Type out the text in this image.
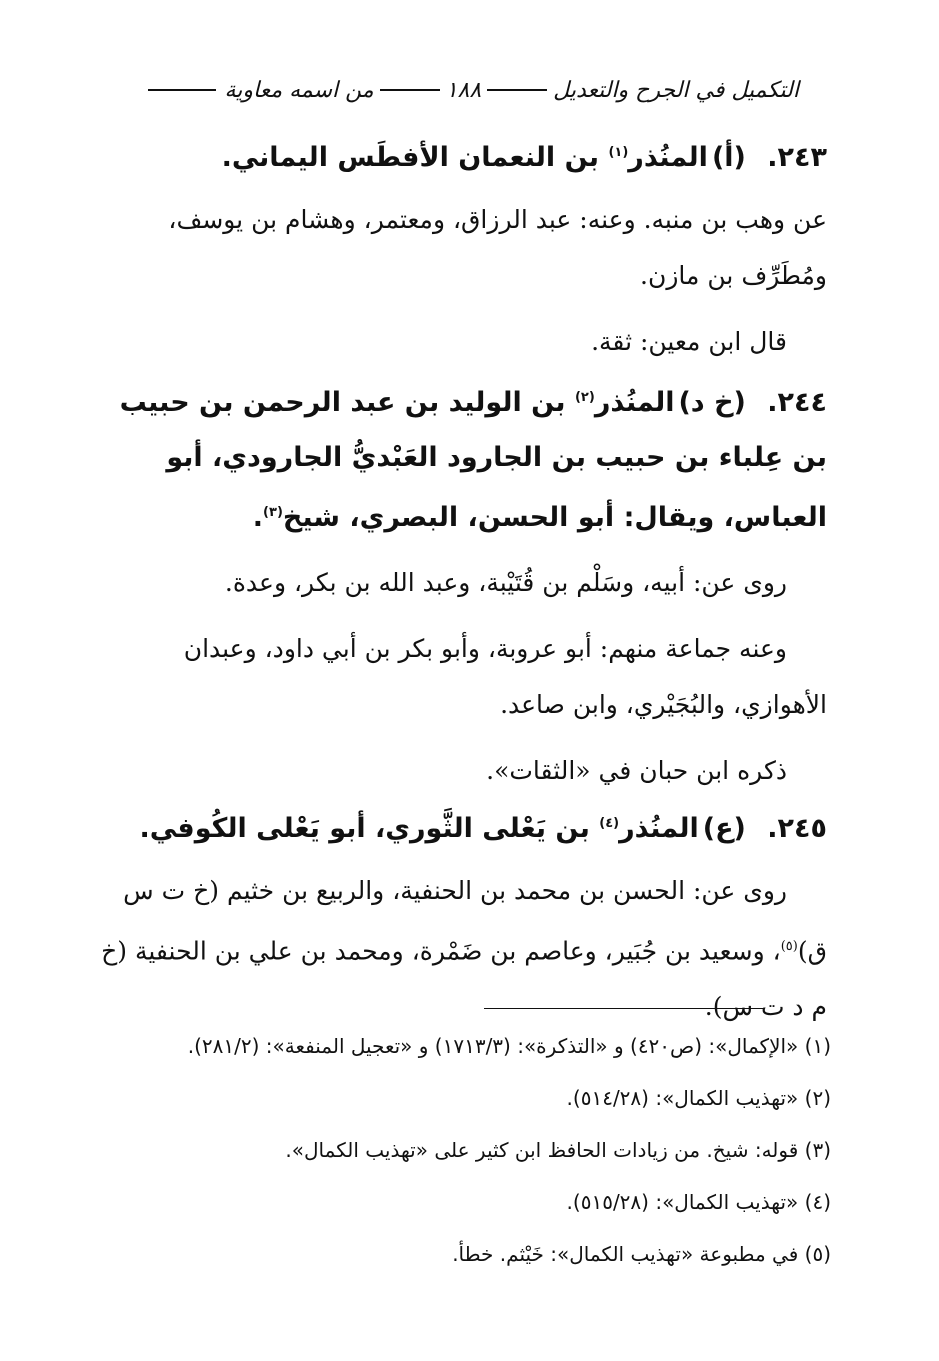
التكميل في الجرح والتعديل
١٨٨
من اسمه معاوية

٢٤٣. (أ)المنُذر$^{(١)}$ بن النعمان الأفطَس اليماني.

عن وهب بن منبه. وعنه: عبد الرزاق، ومعتمر، وهشام بن يوسف، ومُطَرِّف بن مازن.

قال ابن معين: ثقة.

٢٤٤. (خ د)المنُذر$^{(٢)}$ بن الوليد بن عبد الرحمن بن حبيب بن عِلباء بن حبيب بن الجارود العَبْديُّ الجارودي، أبو العباس، ويقال: أبو الحسن، البصري، شيخ$^{(٣)}$.

روى عن: أبيه، وسَلْم بن قُتَيْبة، وعبد الله بن بكر، وعدة.

وعنه جماعة منهم: أبو عروبة، وأبو بكر بن أبي داود، وعبدان الأهوازي، والبُجَيْري، وابن صاعد.

ذكره ابن حبان في «الثقات».

٢٤٥. (ع)المنُذر$^{(٤)}$ بن يَعْلى الثَّوري، أبو يَعْلى الكُوفي.

روى عن: الحسن بن محمد بن الحنفية، والربيع بن خثيم (خ ت س ق)$^{(٥)}$، وسعيد بن جُبَير، وعاصم بن ضَمْرة، ومحمد بن علي بن الحنفية (خ م د ت س).

(١) «الإكمال»: (ص٤٢٠) و «التذكرة»: (١٧١٣/٣) و «تعجيل المنفعة»: (٢٨١/٢).

(٢) «تهذيب الكمال»: (٥١٤/٢٨).

(٣) قوله: شيخ. من زيادات الحافظ ابن كثير على «تهذيب الكمال».

(٤) «تهذيب الكمال»: (٥١٥/٢٨).

(٥) في مطبوعة «تهذيب الكمال»: خَيْثم. خطأ.
